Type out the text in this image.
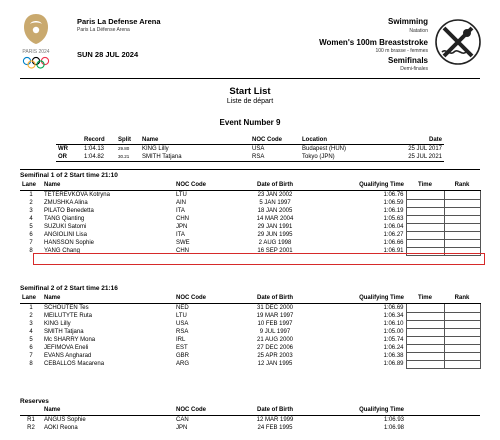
PARIS 2024
Paris La Defense Arena
Paris La Défense Arena
SUN 28 JUL 2024
Swimming
Natation
Women's 100m Breaststroke
100 m brasse - femmes
Semifinals
Demi-finales
Start List
Liste de départ
Event Number 9
	Record	Split	Name	NOC Code	Location	Date
WR	1:04.13	29.80	KING Lilly	USA	Budapest (HUN)	25 JUL 2017
OR	1:04.82	30.21	SMITH Tatjana	RSA	Tokyo (JPN)	25 JUL 2021
Semifinal 1 of 2 Start time 21:10
Lane	Name	NOC Code	Date of Birth	Qualifying Time	Time	Rank
1	TETEREVKOVA Kotryna	LTU	23 JAN 2002	1:06.76		
2	ZMUSHKA Alina	AIN	5 JAN 1997	1:06.59		
3	PILATO Benedetta	ITA	18 JAN 2005	1:06.19		
4	TANG Qianting	CHN	14 MAR 2004	1:05.63		
5	SUZUKI Satomi	JPN	29 JAN 1991	1:06.04		
6	ANGIOLINI Lisa	ITA	29 JUN 1995	1:06.27		
7	HANSSON Sophie	SWE	2 AUG 1998	1:06.66		
8	YANG Chang	CHN	16 SEP 2001	1:06.91		
Semifinal 2 of 2 Start time 21:16
Lane	Name	NOC Code	Date of Birth	Qualifying Time	Time	Rank
1	SCHOUTEN Tes	NED	31 DEC 2000	1:06.69		
2	MEILUTYTE Ruta	LTU	19 MAR 1997	1:06.34		
3	KING Lilly	USA	10 FEB 1997	1:06.10		
4	SMITH Tatjana	RSA	9 JUL 1997	1:05.00		
5	Mc SHARRY Mona	IRL	21 AUG 2000	1:05.74		
6	JEFIMOVA Eneli	EST	27 DEC 2006	1:06.24		
7	EVANS Angharad	GBR	25 APR 2003	1:06.38		
8	CEBALLOS Macarena	ARG	12 JAN 1995	1:06.89		
Reserves
	Name	NOC Code	Date of Birth	Qualifying Time		
R1	ANGUS Sophie	CAN	12 MAR 1999	1:06.93		
R2	AOKI Reona	JPN	24 FEB 1995	1:06.98		
